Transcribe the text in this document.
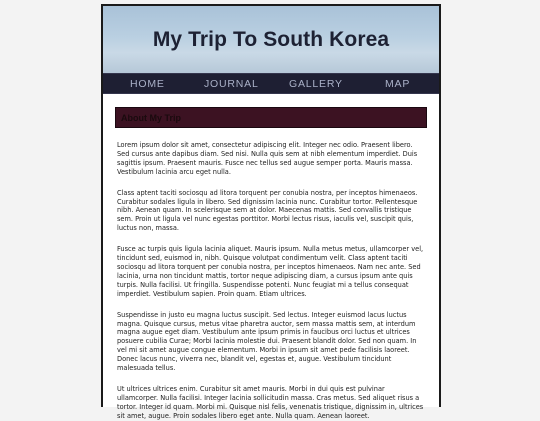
My Trip To South Korea
HOME	JOURNAL	GALLERY	MAP
About My Trip

Lorem ipsum dolor sit amet, consectetur adipiscing elit. Integer nec odio. Praesent libero. Sed cursus ante dapibus diam. Sed nisi. Nulla quis sem at nibh elementum imperdiet. Duis sagittis ipsum. Praesent mauris. Fusce nec tellus sed augue semper porta. Mauris massa. Vestibulum lacinia arcu eget nulla.

Class aptent taciti sociosqu ad litora torquent per conubia nostra, per inceptos himenaeos. Curabitur sodales ligula in libero. Sed dignissim lacinia nunc. Curabitur tortor. Pellentesque nibh. Aenean quam. In scelerisque sem at dolor. Maecenas mattis. Sed convallis tristique sem. Proin ut ligula vel nunc egestas porttitor. Morbi lectus risus, iaculis vel, suscipit quis, luctus non, massa.

Fusce ac turpis quis ligula lacinia aliquet. Mauris ipsum. Nulla metus metus, ullamcorper vel, tincidunt sed, euismod in, nibh. Quisque volutpat condimentum velit. Class aptent taciti sociosqu ad litora torquent per conubia nostra, per inceptos himenaeos. Nam nec ante. Sed lacinia, urna non tincidunt mattis, tortor neque adipiscing diam, a cursus ipsum ante quis turpis. Nulla facilisi. Ut fringilla. Suspendisse potenti. Nunc feugiat mi a tellus consequat imperdiet. Vestibulum sapien. Proin quam. Etiam ultrices.

Suspendisse in justo eu magna luctus suscipit. Sed lectus. Integer euismod lacus luctus magna. Quisque cursus, metus vitae pharetra auctor, sem massa mattis sem, at interdum magna augue eget diam. Vestibulum ante ipsum primis in faucibus orci luctus et ultrices posuere cubilia Curae; Morbi lacinia molestie dui. Praesent blandit dolor. Sed non quam. In vel mi sit amet augue congue elementum. Morbi in ipsum sit amet pede facilisis laoreet. Donec lacus nunc, viverra nec, blandit vel, egestas et, augue. Vestibulum tincidunt malesuada tellus.

Ut ultrices ultrices enim. Curabitur sit amet mauris. Morbi in dui quis est pulvinar ullamcorper. Nulla facilisi. Integer lacinia sollicitudin massa. Cras metus. Sed aliquet risus a tortor. Integer id quam. Morbi mi. Quisque nisl felis, venenatis tristique, dignissim in, ultrices sit amet, augue. Proin sodales libero eget ante. Nulla quam. Aenean laoreet.
